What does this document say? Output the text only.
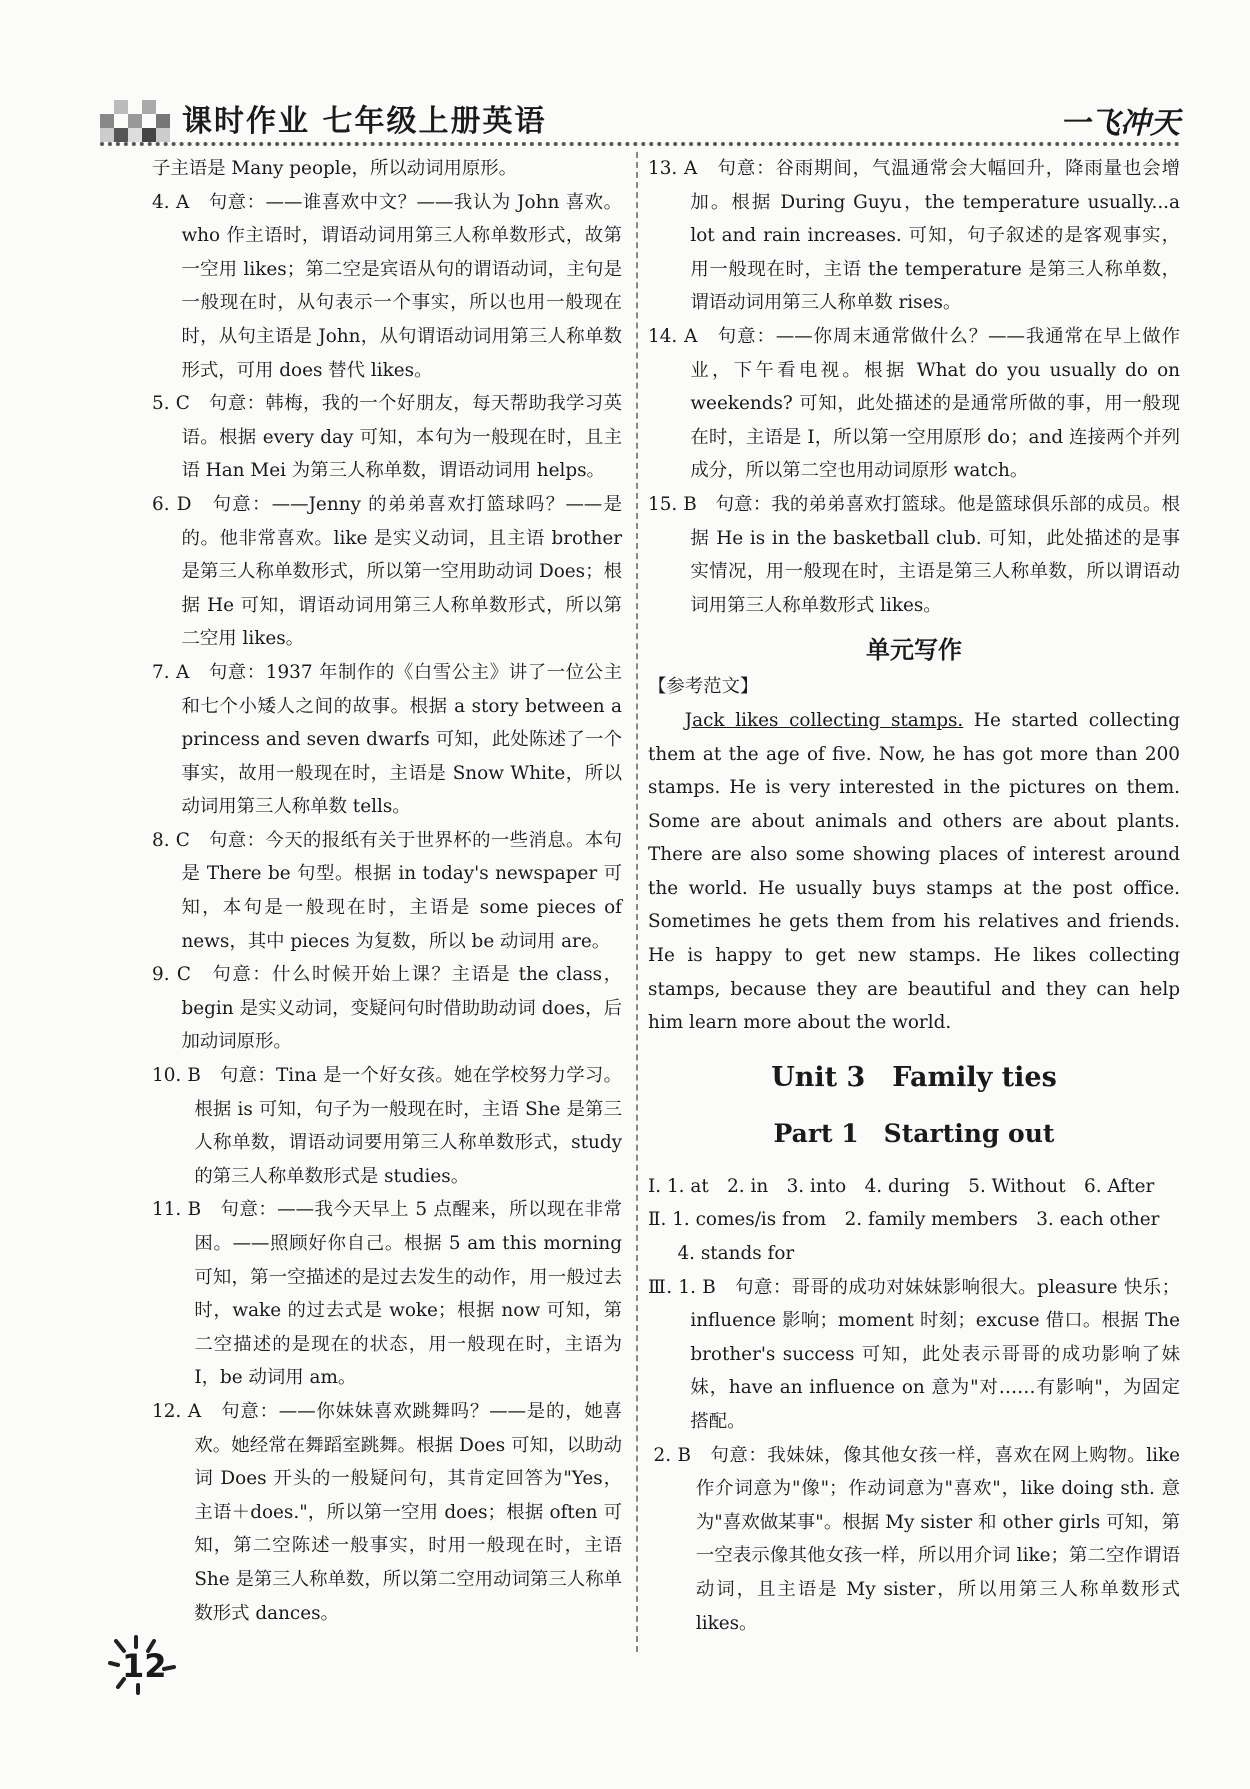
课时作业 七年级上册英语	一飞冲天

子主语是 Many people，所以动词用原形。

4. A　句意：——谁喜欢中文？——我认为 John 喜欢。who 作主语时，谓语动词用第三人称单数形式，故第一空用 likes；第二空是宾语从句的谓语动词，主句是一般现在时，从句表示一个事实，所以也用一般现在时，从句主语是 John，从句谓语动词用第三人称单数形式，可用 does 替代 likes。

5. C　句意：韩梅，我的一个好朋友，每天帮助我学习英语。根据 every day 可知，本句为一般现在时，且主语 Han Mei 为第三人称单数，谓语动词用 helps。

6. D　句意：——Jenny 的弟弟喜欢打篮球吗？——是的。他非常喜欢。like 是实义动词，且主语 brother 是第三人称单数形式，所以第一空用助动词 Does；根据 He 可知，谓语动词用第三人称单数形式，所以第二空用 likes。

7. A　句意：1937 年制作的《白雪公主》讲了一位公主和七个小矮人之间的故事。根据 a story between a princess and seven dwarfs 可知，此处陈述了一个事实，故用一般现在时，主语是 Snow White，所以动词用第三人称单数 tells。

8. C　句意：今天的报纸有关于世界杯的一些消息。本句是 There be 句型。根据 in today's newspaper 可知，本句是一般现在时，主语是 some pieces of news，其中 pieces 为复数，所以 be 动词用 are。

9. C　句意：什么时候开始上课？主语是 the class，begin 是实义动词，变疑问句时借助助动词 does，后加动词原形。

10. B　句意：Tina 是一个好女孩。她在学校努力学习。根据 is 可知，句子为一般现在时，主语 She 是第三人称单数，谓语动词要用第三人称单数形式，study 的第三人称单数形式是 studies。

11. B　句意：——我今天早上 5 点醒来，所以现在非常困。——照顾好你自己。根据 5 am this morning 可知，第一空描述的是过去发生的动作，用一般过去时，wake 的过去式是 woke；根据 now 可知，第二空描述的是现在的状态，用一般现在时，主语为 I，be 动词用 am。

12. A　句意：——你妹妹喜欢跳舞吗？——是的，她喜欢。她经常在舞蹈室跳舞。根据 Does 可知，以助动词 Does 开头的一般疑问句，其肯定回答为"Yes，主语＋does."，所以第一空用 does；根据 often 可知，第二空陈述一般事实，时用一般现在时，主语 She 是第三人称单数，所以第二空用动词第三人称单数形式 dances。

13. A　句意：谷雨期间，气温通常会大幅回升，降雨量也会增加。根据 During Guyu，the temperature usually...a lot and rain increases. 可知，句子叙述的是客观事实，用一般现在时，主语 the temperature 是第三人称单数，谓语动词用第三人称单数 rises。

14. A　句意：——你周末通常做什么？——我通常在早上做作业，下午看电视。根据 What do you usually do on weekends? 可知，此处描述的是通常所做的事，用一般现在时，主语是 I，所以第一空用原形 do；and 连接两个并列成分，所以第二空也用动词原形 watch。

15. B　句意：我的弟弟喜欢打篮球。他是篮球俱乐部的成员。根据 He is in the basketball club. 可知，此处描述的是事实情况，用一般现在时，主语是第三人称单数，所以谓语动词用第三人称单数形式 likes。

单元写作

【参考范文】

Jack likes collecting stamps. He started collecting them at the age of five. Now, he has got more than 200 stamps. He is very interested in the pictures on them. Some are about animals and others are about plants. There are also some showing places of interest around the world. He usually buys stamps at the post office. Sometimes he gets them from his relatives and friends. He is happy to get new stamps. He likes collecting stamps, because they are beautiful and they can help him learn more about the world.

Unit 3　Family ties

Part 1　Starting out

Ⅰ. 1. at　2. in　3. into　4. during　5. Without　6. After

Ⅱ. 1. comes/is from　2. family members　3. each other

4. stands for

Ⅲ. 1. B　句意：哥哥的成功对妹妹影响很大。pleasure 快乐；influence 影响；moment 时刻；excuse 借口。根据 The brother's success 可知，此处表示哥哥的成功影响了妹妹，have an influence on 意为"对……有影响"，为固定搭配。

2. B　句意：我妹妹，像其他女孩一样，喜欢在网上购物。like 作介词意为"像"；作动词意为"喜欢"，like doing sth. 意为"喜欢做某事"。根据 My sister 和 other girls 可知，第一空表示像其他女孩一样，所以用介词 like；第二空作谓语动词，且主语是 My sister，所以用第三人称单数形式 likes。

12
